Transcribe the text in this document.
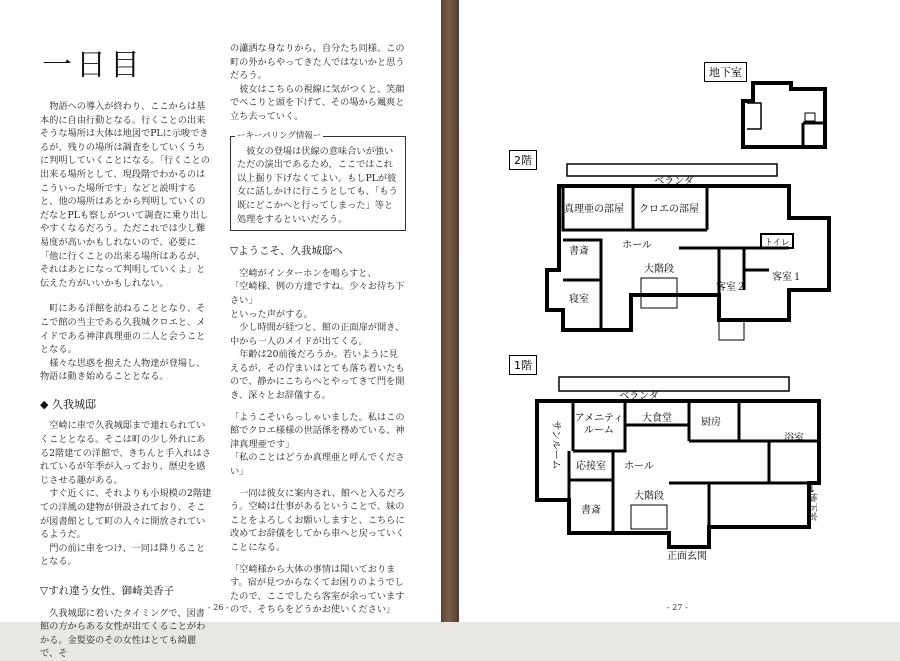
一日目

物語への導入が終わり、ここからは基本的に自由行動となる。行くことの出来そうな場所は大体は地図でPLに示唆できるが、残りの場所は調査をしていくうちに判明していくことになる。「行くことの出来る場所として、現段階でわかるのはこういった場所です」などと説明すると、他の場所はあとから判明していくのだなとPLも察しがついて調査に乗り出しやすくなるだろう。ただこれでは少し難易度が高いかもしれないので、必要に「他に行くことの出来る場所はあるが、それはあとになって判明していくよ」と伝えた方がいいかもしれない。

町にある洋館を訪ねることとなり、そこで館の当主である久我城クロエと、メイドである神津真理亜の二人と会うこととなる。

様々な思惑を抱えた人物達が登場し、物語は動き始めることとなる。

◆ 久我城邸

空崎に車で久我城邸まで連れられていくこととなる。そこは町の少し外れにある2階建ての洋館で、きちんと手入れはされているが年季が入っており、歴史を感じさせる趣がある。

すぐ近くに、それよりも小規模の2階建ての洋風の建物が併設されており、そこが図書館として町の人々に開放されているようだ。

門の前に車をつけ、一同は降りることとなる。

▽すれ違う女性、御崎美香子

久我城邸に着いたタイミングで、図書館の方からある女性が出てくることがわかる。金髪姿のその女性はとても綺麗で、そ

の瀟洒な身なりから、自分たち同様、この町の外からやってきた人ではないかと思うだろう。

彼女はこちらの視線に気がつくと、笑顔でぺこりと頭を下げて、その場から颯爽と立ち去っていく。

ーキーパリング情報ー

彼女の登場は伏線の意味合いが強いただの演出であるため、ここではこれ以上掘り下げなくてよい。もしPLが彼女に話しかけに行こうとしても、「もう既にどこかへと行ってしまった」等と処理をするといいだろう。

▽ようこそ、久我城邸へ

空崎がインターホンを鳴らすと、

「空崎様、例の方達ですね。少々お待ち下さい」

といった声がする。

少し時間が経つと、館の正面扉が開き、中から一人のメイドが出てくる。

年齢は20前後だろうか。若いように見えるが、その佇まいはとても落ち着いたもので、静かにこちらへとやってきて門を開き、深々とお辞儀する。

「ようこそいらっしゃいました。私はこの館でクロエ様様の世話係を務めている、神津真理亜です」

「私のことはどうか真理亜と呼んでください」

一同は彼女に案内され、館へと入るだろう。空崎は仕事があるということで、妹のことをよろしくお願いしますと、こちらに改めてお辞儀をしてから車へと戻っていくことになる。

「空崎様から大体の事情は聞いております。宿が見つからなくてお困りのようでしたので、ここでしたら客室が余っていますので、そちらをどうかお使いください」

- 26 -
地下室
2階
ベランダ
真理亜の部屋 クロエの部屋
書斎
ホール	トイレ
大階段
客室２
客室１
寝室
1階
ベランダ
アメニティ
ルーム
大食堂	厨房
浴室
サンルーム 応接室 ホール
書斎
大階段
正面玄関
→地下室
- 27 -
